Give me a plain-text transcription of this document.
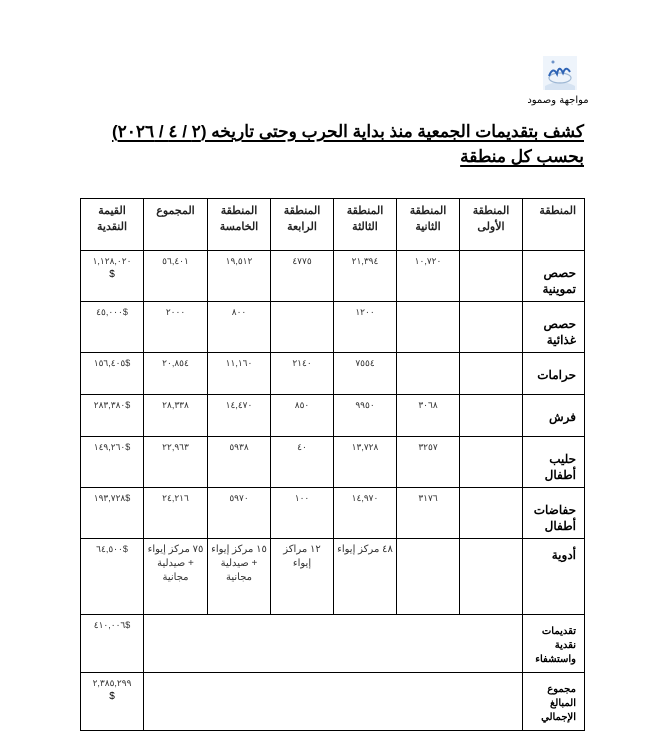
مواجهة وصمود
كشف بتقديمات الجمعية منذ بداية الحرب وحتى تاريخه (٢ / ٤ / ٢٠٢٦) بحسب كل منطقة
المنطقة	المنطقة الأولى	المنطقة الثانية	المنطقة الثالثة	المنطقة الرابعة	المنطقة الخامسة	المجموع	القيمة النقدية
حصص تموينية		١٠,٧٢٠	٢١,٣٩٤	٤٧٧٥	١٩,٥١٢	٥٦,٤٠١	١,١٢٨,٠٢٠
$
حصص غذائية			١٢٠٠		٨٠٠	٢٠٠٠	$٤٥,٠٠٠
حرامات			٧٥٥٤	٢١٤٠	١١,١٦٠	٢٠,٨٥٤	$١٥٦,٤٠٥
فرش		٣٠٦٨	٩٩٥٠	٨٥٠	١٤,٤٧٠	٢٨,٣٣٨	$٢٨٣,٣٨٠
حليب أطفال		٣٢٥٧	١٣,٧٢٨	٤٠	٥٩٣٨	٢٢,٩٦٣	$١٤٩,٢٦٠
حفاضات أطفال		٣١٧٦	١٤,٩٧٠	١٠٠	٥٩٧٠	٢٤,٢١٦	$١٩٣,٧٢٨
أدوية			٤٨ مركز إيواء	١٢ مراكز إيواء	١٥ مركز إيواء + صيدلية مجانية	٧٥ مركز إيواء + صيدلية مجانية	$٦٤,٥٠٠
تقديمات نقدية واستشفاء							$٤١٠,٠٠٦
مجموع المبالغ الإجمالي							٢,٣٨٥,٢٩٩
$
